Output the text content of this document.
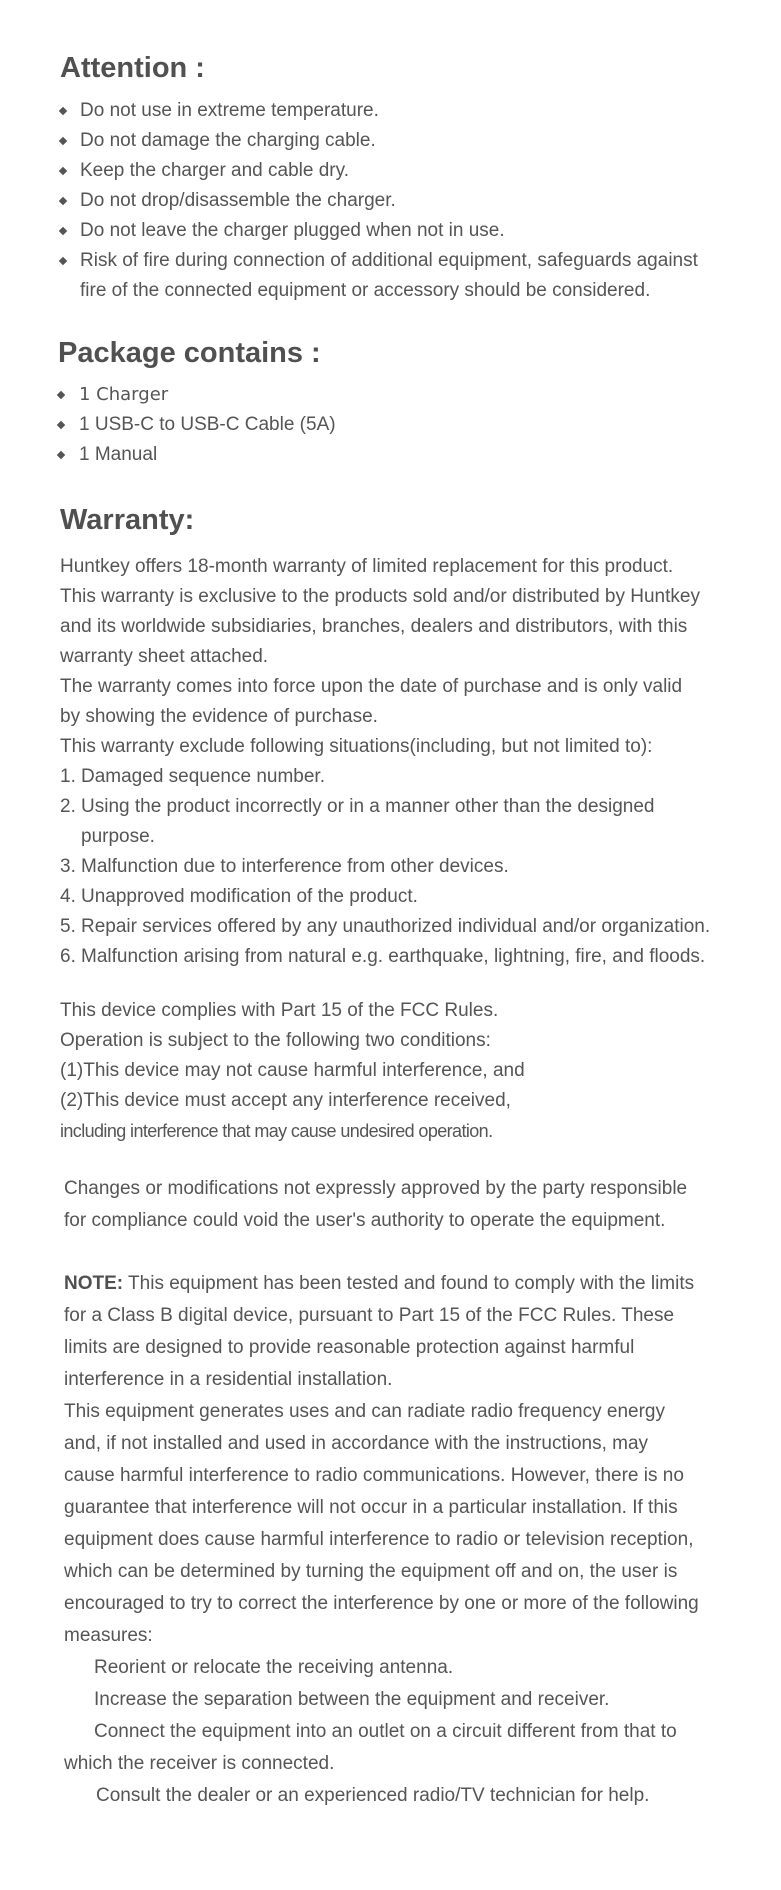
Attention :
Do not use in extreme temperature.
Do not damage the charging cable.
Keep the charger and cable dry.
Do not drop/disassemble the charger.
Do not leave the charger plugged when not in use.
Risk of fire during connection of additional equipment, safeguards against
fire of the connected equipment or accessory should be considered.
Package contains :
1 Charger
1 USB-C to USB-C Cable (5A)
1 Manual
Warranty:

Huntkey offers 18-month warranty of limited replacement for this product.

This warranty is exclusive to the products sold and/or distributed by Huntkey

and its worldwide subsidiaries, branches, dealers and distributors, with this

warranty sheet attached.

The warranty comes into force upon the date of purchase and is only valid

by showing the evidence of purchase.

This warranty exclude following situations(including, but not limited to):

1. Damaged sequence number.
2. Using the product incorrectly or in a manner other than the designed
purpose.
3. Malfunction due to interference from other devices.
4. Unapproved modification of the product.
5. Repair services offered by any unauthorized individual and/or organization.
6. Malfunction arising from natural e.g. earthquake, lightning, fire, and floods.

This device complies with Part 15 of the FCC Rules.

Operation is subject to the following two conditions:

(1)This device may not cause harmful interference, and

(2)This device must accept any interference received,

including interference that may cause undesired operation.

Changes or modifications not expressly approved by the party responsible

for compliance could void the user's authority to operate the equipment.

NOTE: This equipment has been tested and found to comply with the limits

for a Class B digital device, pursuant to Part 15 of the FCC Rules. These

limits are designed to provide reasonable protection against harmful

interference in a residential installation.

This equipment generates uses and can radiate radio frequency energy

and, if not installed and used in accordance with the instructions, may

cause harmful interference to radio communications. However, there is no

guarantee that interference will not occur in a particular installation. If this

equipment does cause harmful interference to radio or television reception,

which can be determined by turning the equipment off and on, the user is

encouraged to try to correct the interference by one or more of the following

measures:

Reorient or relocate the receiving antenna.

Increase the separation between the equipment and receiver.

Connect the equipment into an outlet on a circuit different from that to

which the receiver is connected.

Consult the dealer or an experienced radio/TV technician for help.
